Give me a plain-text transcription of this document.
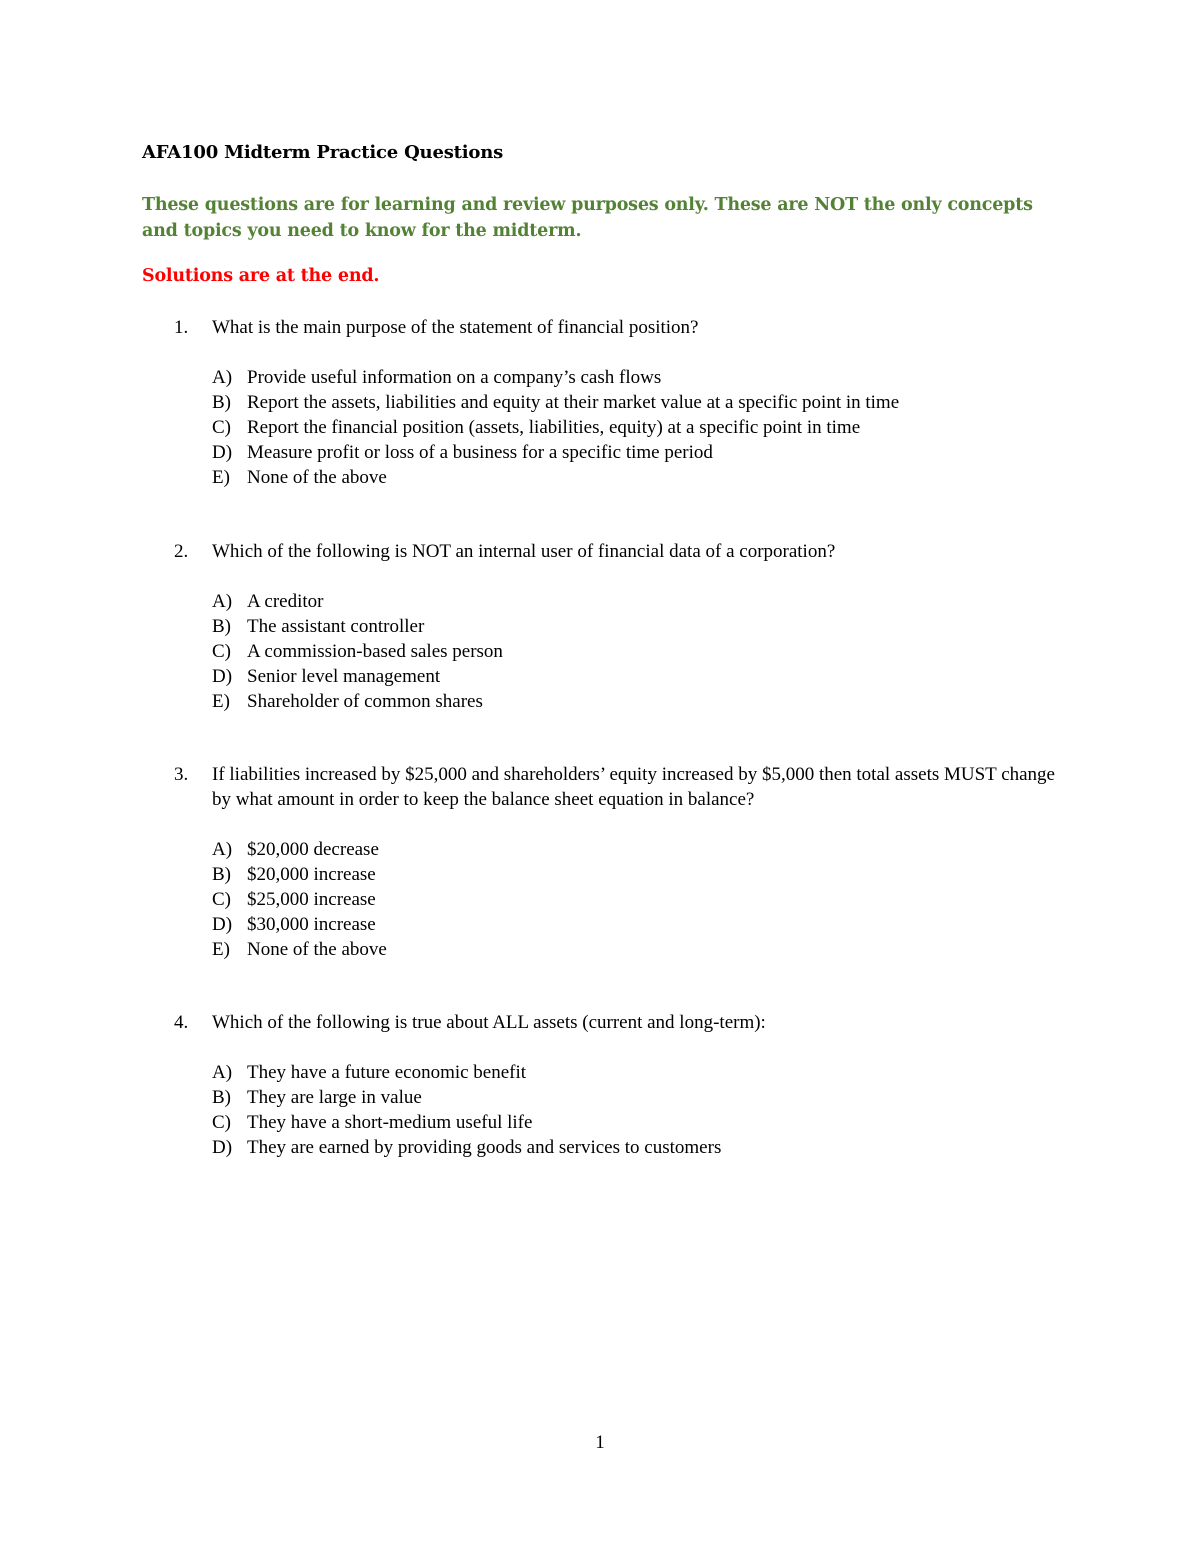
AFA100 Midterm Practice Questions
These questions are for learning and review purposes only. These are NOT the only concepts and topics you need to know for the midterm.
Solutions are at the end.
1. What is the main purpose of the statement of financial position?
A) Provide useful information on a company’s cash flows
B) Report the assets, liabilities and equity at their market value at a specific point in time
C) Report the financial position (assets, liabilities, equity) at a specific point in time
D) Measure profit or loss of a business for a specific time period
E) None of the above
2. Which of the following is NOT an internal user of financial data of a corporation?
A) A creditor
B) The assistant controller
C) A commission-based sales person
D) Senior level management
E) Shareholder of common shares
3. If liabilities increased by $25,000 and shareholders’ equity increased by $5,000 then total assets MUST change by what amount in order to keep the balance sheet equation in balance?
A) $20,000 decrease
B) $20,000 increase
C) $25,000 increase
D) $30,000 increase
E) None of the above
4. Which of the following is true about ALL assets (current and long-term):
A) They have a future economic benefit
B) They are large in value
C) They have a short-medium useful life
D) They are earned by providing goods and services to customers
1
